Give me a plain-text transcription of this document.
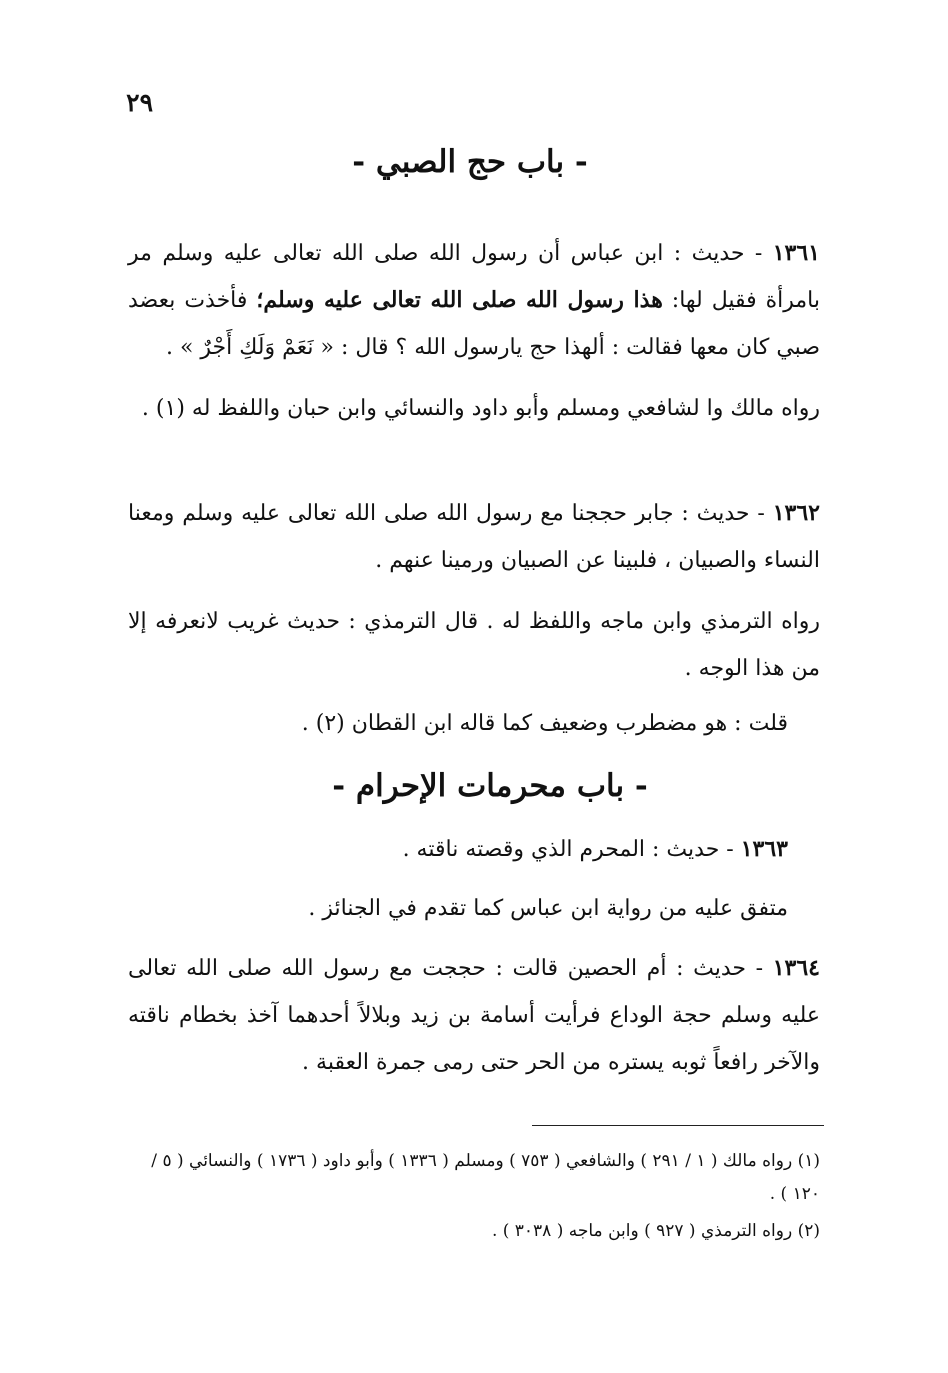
٢٩
- باب حج الصبي -
١٣٦١ - حديث : ابن عباس أن رسول الله صلى الله تعالى عليه وسلم مر بامرأة فقيل لها: هذا رسول الله صلى الله تعالى عليه وسلم؛ فأخذت بعضد صبي كان معها فقالت : ألهذا حج يارسول الله ؟ قال : « نَعَمْ وَلَكِ أَجْرٌ » .
رواه مالك وا لشافعي ومسلم وأبو داود والنسائي وابن حبان واللفظ له (١) .
١٣٦٢ - حديث : جابر حججنا مع رسول الله صلى الله تعالى عليه وسلم ومعنا النساء والصبيان ، فلبينا عن الصبيان ورمينا عنهم .
رواه الترمذي وابن ماجه واللفظ له . قال الترمذي : حديث غريب لانعرفه إلا من هذا الوجه .
قلت : هو مضطرب وضعيف كما قاله ابن القطان (٢) .
- باب محرمات الإحرام -
١٣٦٣ - حديث : المحرم الذي وقصته ناقته .
متفق عليه من رواية ابن عباس كما تقدم في الجنائز .
١٣٦٤ - حديث : أم الحصين قالت : حججت مع رسول الله صلى الله تعالى عليه وسلم حجة الوداع فرأيت أسامة بن زيد وبلالاً أحدهما آخذ بخطام ناقته والآخر رافعاً ثوبه يستره من الحر حتى رمى جمرة العقبة .
(١) رواه مالك ( ١ / ٢٩١ ) والشافعي ( ٧٥٣ ) ومسلم ( ١٣٣٦ ) وأبو داود ( ١٧٣٦ ) والنسائي ( ٥ / ١٢٠ ) .
(٢) رواه الترمذي ( ٩٢٧ ) وابن ماجه ( ٣٠٣٨ ) .
